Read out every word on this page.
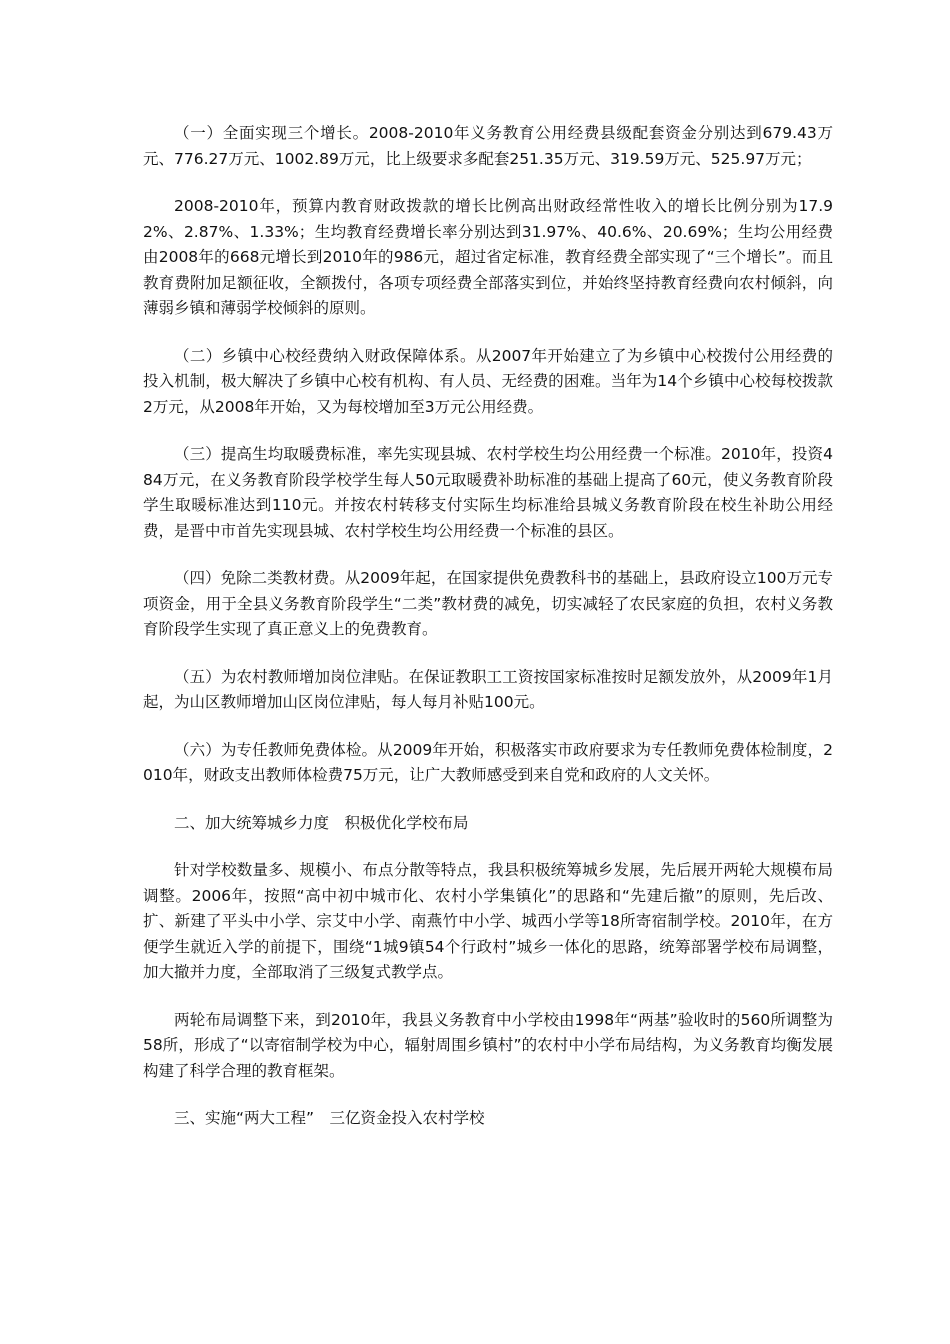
（一）全面实现三个增长。2008-2010年义务教育公用经费县级配套资金分别达到679.43万元、776.27万元、1002.89万元，比上级要求多配套251.35万元、319.59万元、525.97万元；

2008-2010年，预算内教育财政拨款的增长比例高出财政经常性收入的增长比例分别为17.92%、2.87%、1.33%；生均教育经费增长率分别达到31.97%、40.6%、20.69%；生均公用经费由2008年的668元增长到2010年的986元，超过省定标准，教育经费全部实现了“三个增长”。而且教育费附加足额征收，全额拨付，各项专项经费全部落实到位，并始终坚持教育经费向农村倾斜，向薄弱乡镇和薄弱学校倾斜的原则。

（二）乡镇中心校经费纳入财政保障体系。从2007年开始建立了为乡镇中心校拨付公用经费的投入机制，极大解决了乡镇中心校有机构、有人员、无经费的困难。当年为14个乡镇中心校每校拨款2万元，从2008年开始，又为每校增加至3万元公用经费。

（三）提高生均取暖费标准，率先实现县城、农村学校生均公用经费一个标准。2010年，投资484万元，在义务教育阶段学校学生每人50元取暖费补助标准的基础上提高了60元，使义务教育阶段学生取暖标准达到110元。并按农村转移支付实际生均标准给县城义务教育阶段在校生补助公用经费，是晋中市首先实现县城、农村学校生均公用经费一个标准的县区。

（四）免除二类教材费。从2009年起，在国家提供免费教科书的基础上，县政府设立100万元专项资金，用于全县义务教育阶段学生“二类”教材费的减免，切实减轻了农民家庭的负担，农村义务教育阶段学生实现了真正意义上的免费教育。

（五）为农村教师增加岗位津贴。在保证教职工工资按国家标准按时足额发放外，从2009年1月起，为山区教师增加山区岗位津贴，每人每月补贴100元。

（六）为专任教师免费体检。从2009年开始，积极落实市政府要求为专任教师免费体检制度，2010年，财政支出教师体检费75万元，让广大教师感受到来自党和政府的人文关怀。

二、加大统筹城乡力度　积极优化学校布局

针对学校数量多、规模小、布点分散等特点，我县积极统筹城乡发展，先后展开两轮大规模布局调整。2006年，按照“高中初中城市化、农村小学集镇化”的思路和“先建后撤”的原则，先后改、扩、新建了平头中小学、宗艾中小学、南燕竹中小学、城西小学等18所寄宿制学校。2010年，在方便学生就近入学的前提下，围绕“1城9镇54个行政村”城乡一体化的思路，统筹部署学校布局调整，加大撤并力度，全部取消了三级复式教学点。

两轮布局调整下来，到2010年，我县义务教育中小学校由1998年“两基”验收时的560所调整为58所，形成了“以寄宿制学校为中心，辐射周围乡镇村”的农村中小学布局结构，为义务教育均衡发展构建了科学合理的教育框架。

三、实施“两大工程”　三亿资金投入农村学校
